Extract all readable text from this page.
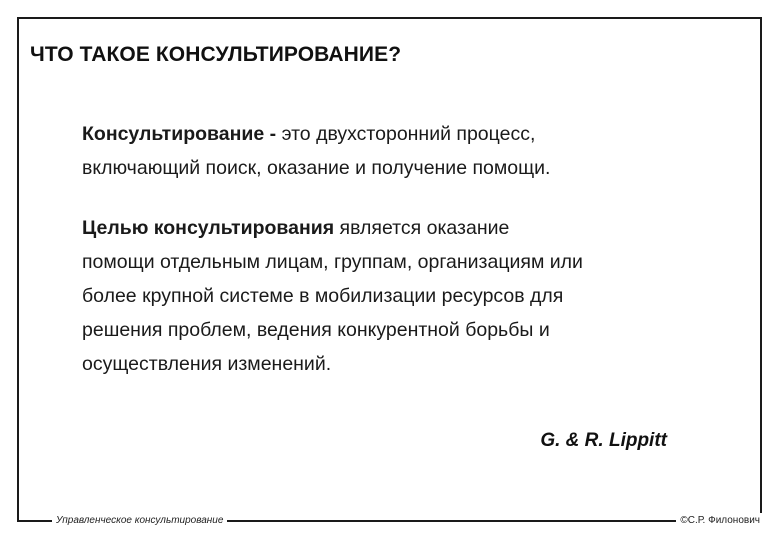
ЧТО ТАКОЕ КОНСУЛЬТИРОВАНИЕ?

Консультирование - это двухсторонний процесс,
включающий поиск, оказание и получение помощи.

Целью консультирования является оказание
помощи отдельным лицам, группам, организациям или
более крупной системе в мобилизации ресурсов для
решения проблем, ведения конкурентной борьбы и
осуществления изменений.

G. & R. Lippitt
Управленческое консультирование	©С.Р. Филонович
